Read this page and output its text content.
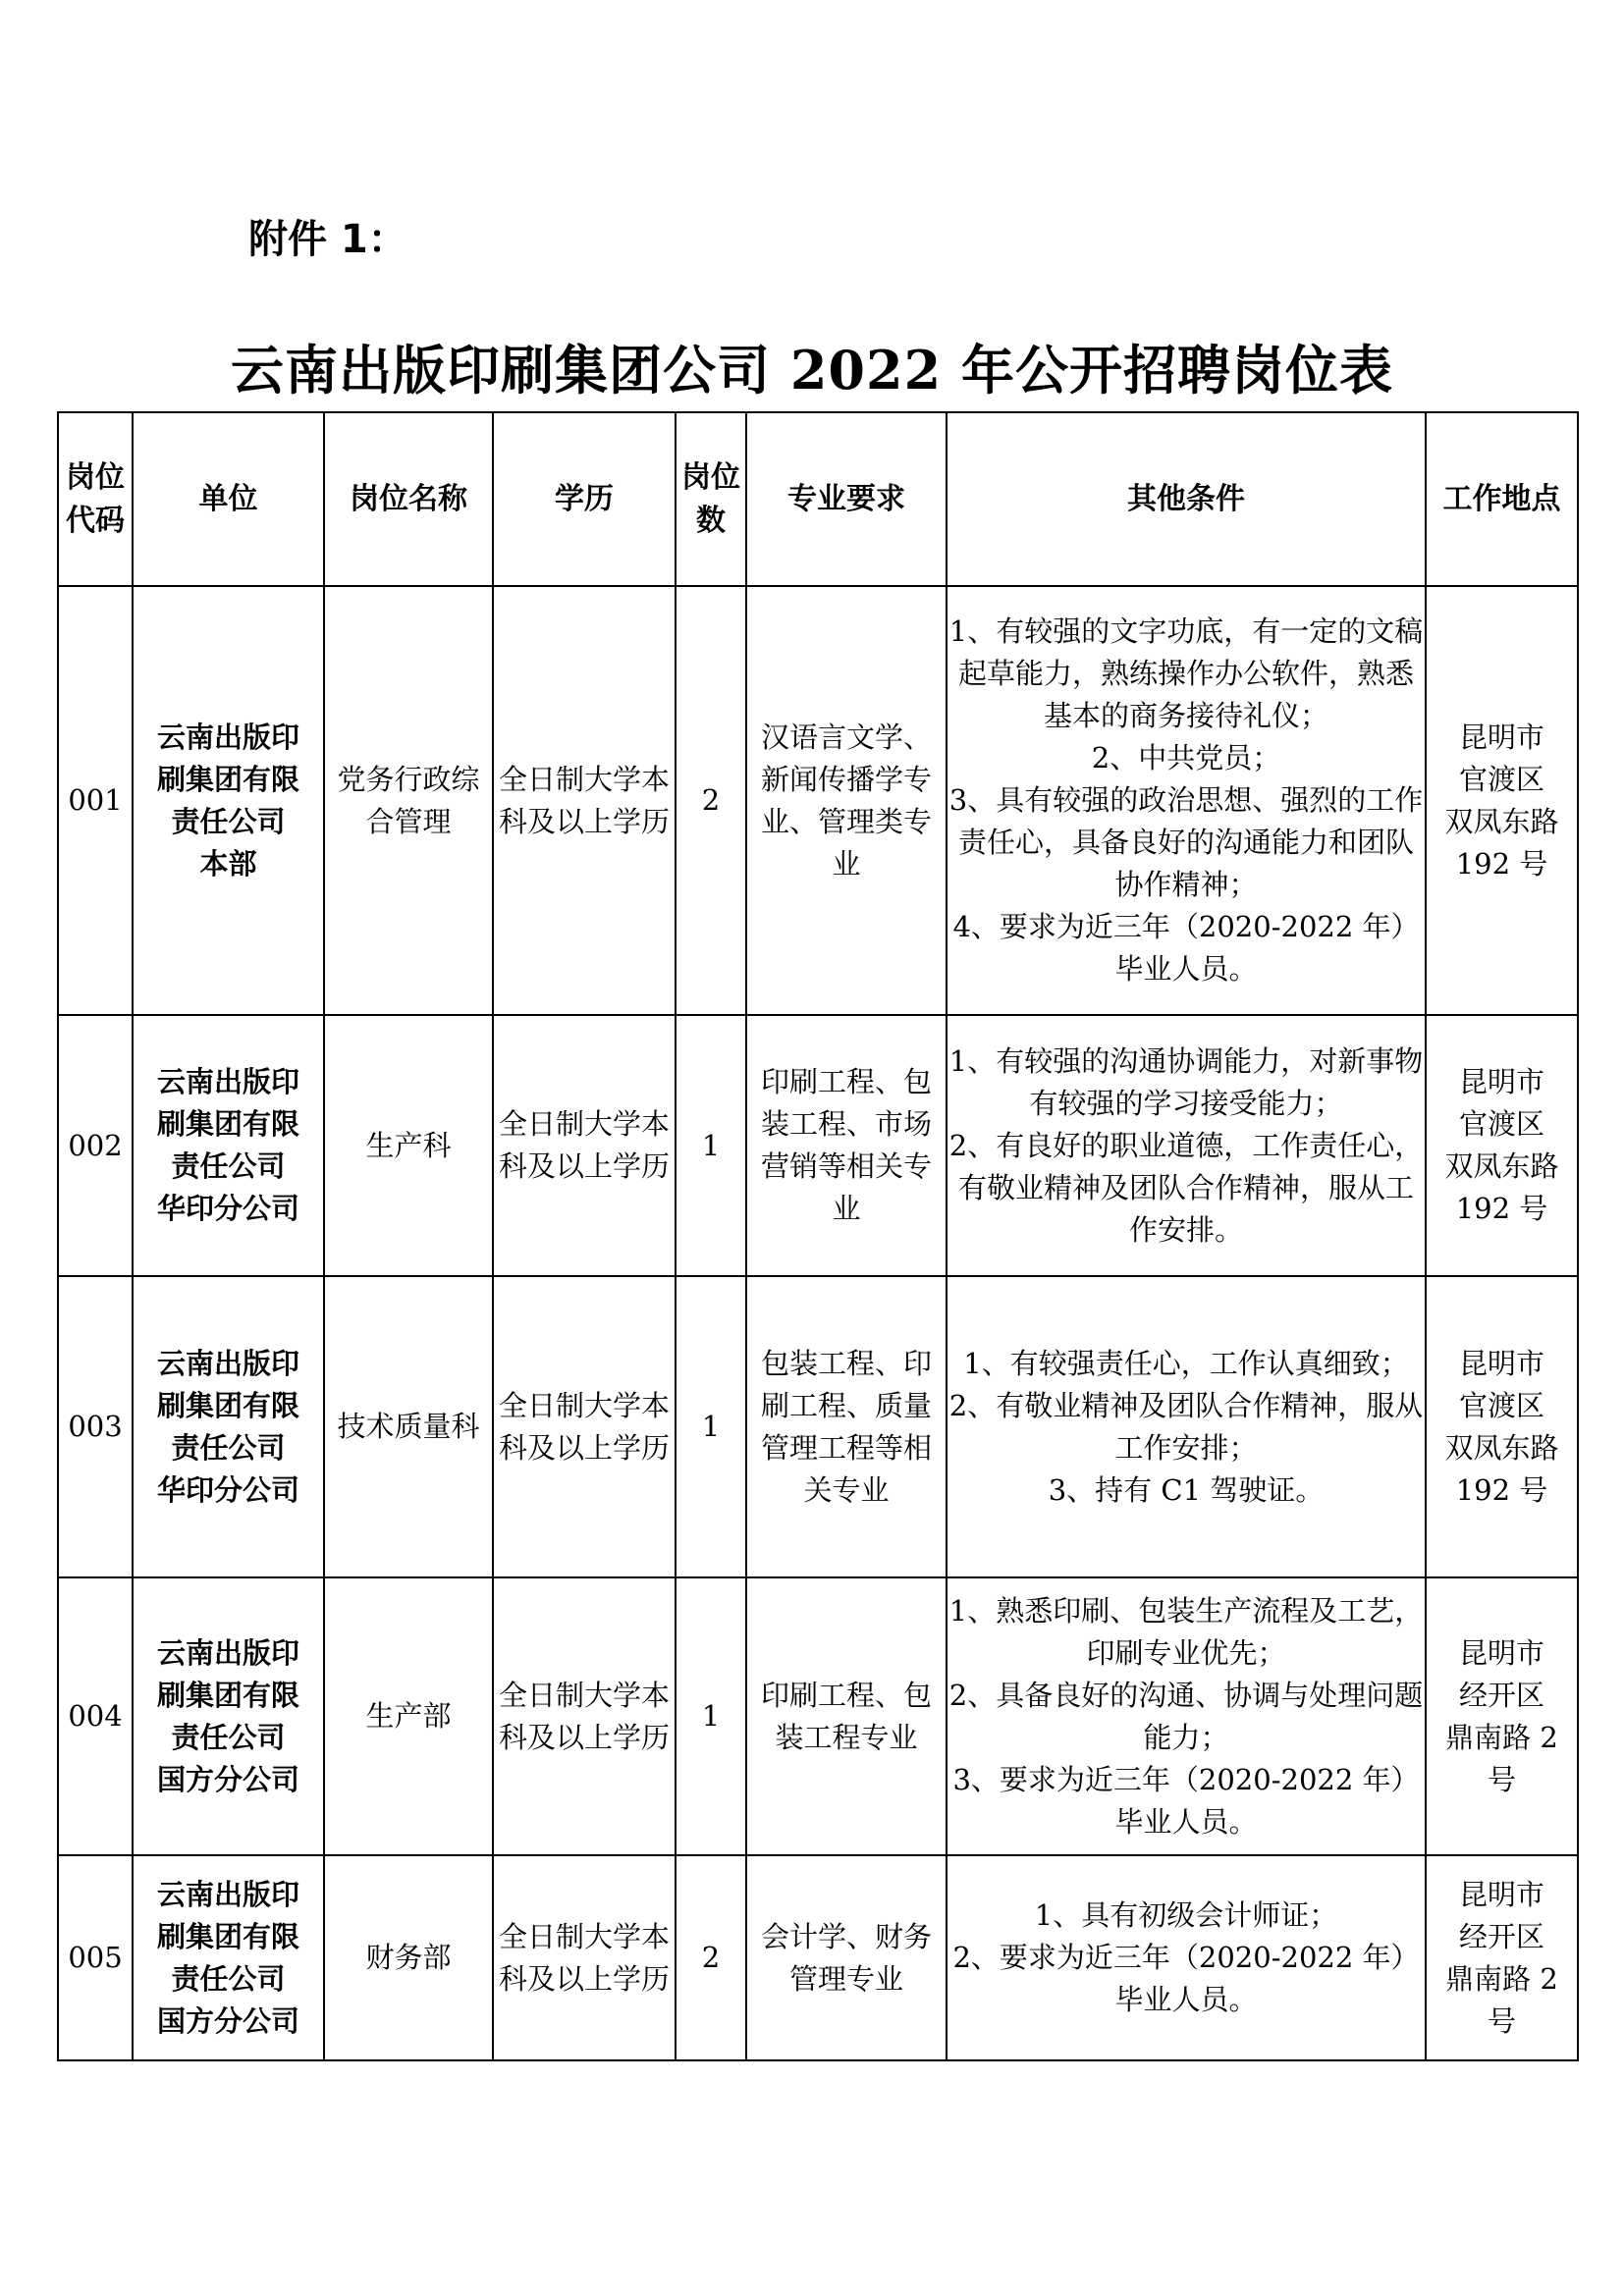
附件 1：
云南出版印刷集团公司 2022 年公开招聘岗位表
岗位代码	单位	岗位名称	学历	岗位数	专业要求	其他条件	工作地点
001	云南出版印
刷集团有限
责任公司
本部	党务行政综合管理	全日制大学本科及以上学历	2	汉语言文学、新闻传播学专业、管理类专业	1、有较强的文字功底，有一定的文稿起草能力，熟练操作办公软件，熟悉基本的商务接待礼仪；
2、中共党员；
3、具有较强的政治思想、强烈的工作责任心，具备良好的沟通能力和团队协作精神；
4、要求为近三年（2020-2022 年）毕业人员。	昆明市
官渡区
双凤东路
192 号

002	云南出版印
刷集团有限
责任公司
华印分公司	生产科	全日制大学本科及以上学历	1	印刷工程、包装工程、市场营销等相关专业	1、有较强的沟通协调能力，对新事物有较强的学习接受能力；
2、有良好的职业道德，工作责任心，有敬业精神及团队合作精神，服从工作安排。	昆明市
官渡区
双凤东路
192 号

003	云南出版印
刷集团有限
责任公司
华印分公司	技术质量科	全日制大学本科及以上学历	1	包装工程、印刷工程、质量管理工程等相关专业	1、有较强责任心，工作认真细致；
2、有敬业精神及团队合作精神，服从工作安排；
3、持有 C1 驾驶证。	昆明市
官渡区
双凤东路
192 号

004	云南出版印
刷集团有限
责任公司
国方分公司	生产部	全日制大学本科及以上学历	1	印刷工程、包装工程专业	1、熟悉印刷、包装生产流程及工艺，印刷专业优先；
2、具备良好的沟通、协调与处理问题能力；
3、要求为近三年（2020-2022 年）毕业人员。	昆明市
经开区
鼎南路 2
号

005	云南出版印
刷集团有限
责任公司
国方分公司	财务部	全日制大学本科及以上学历	2	会计学、财务管理专业	1、具有初级会计师证；
2、要求为近三年（2020-2022 年）毕业人员。	昆明市
经开区
鼎南路 2
号
